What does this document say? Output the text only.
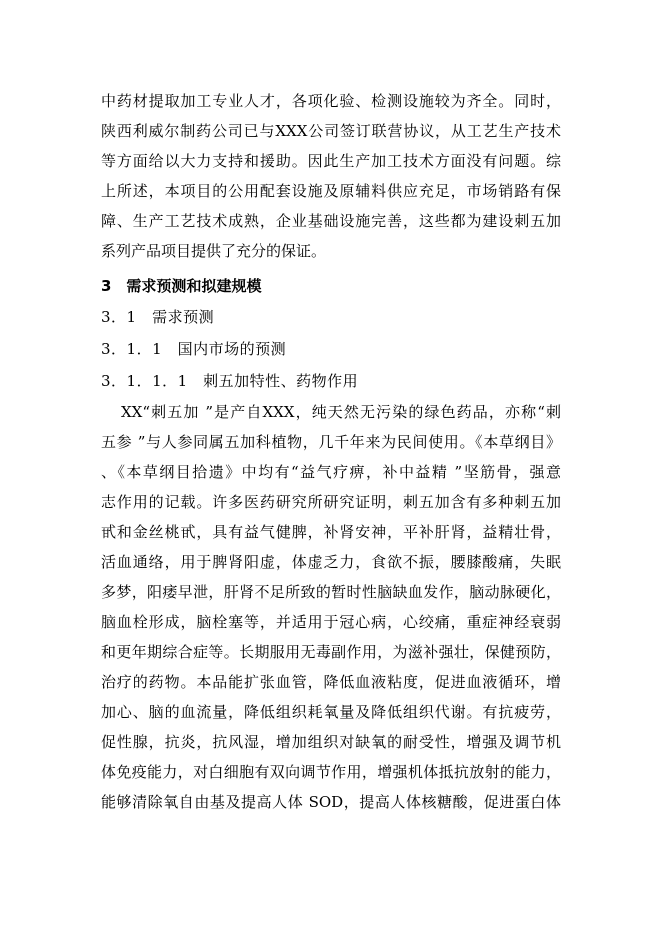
中药材提取加工专业人才，各项化验、检测设施较为齐全。同时，
陕西利威尔制药公司已与XXX公司签订联营协议，从工艺生产技术
等方面给以大力支持和援助。因此生产加工技术方面没有问题。综
上所述，本项目的公用配套设施及原辅料供应充足，市场销路有保
障、生产工艺技术成熟，企业基础设施完善，这些都为建设刺五加
系列产品项目提供了充分的保证。
3　需求预测和拟建规模
3．1　需求预测
3．1．1　国内市场的预测
3．1．1．1　刺五加特性、药物作用
XX“刺五加 ”是产自XXX，纯天然无污染的绿色药品，亦称“刺
五参 ”与人参同属五加科植物，几千年来为民间使用。《本草纲目》
、《本草纲目拾遗》中均有“益气疗痹，补中益精 ”坚筋骨，强意
志作用的记载。许多医药研究所研究证明，刺五加含有多种刺五加
甙和金丝桃甙，具有益气健脾，补肾安神，平补肝肾，益精壮骨，
活血通络，用于脾肾阳虚，体虚乏力，食欲不振，腰膝酸痛，失眠
多梦，阳痿早泄，肝肾不足所致的暂时性脑缺血发作，脑动脉硬化，
脑血栓形成，脑栓塞等，并适用于冠心病，心绞痛，重症神经衰弱
和更年期综合症等。长期服用无毒副作用，为滋补强壮，保健预防，
治疗的药物。本品能扩张血管，降低血液粘度，促进血液循环，增
加心、脑的血流量，降低组织耗氧量及降低组织代谢。有抗疲劳，
促性腺，抗炎，抗风湿，增加组织对缺氧的耐受性，增强及调节机
体免疫能力，对白细胞有双向调节作用，增强机体抵抗放射的能力，
能够清除氧自由基及提高人体 SOD，提高人体核糖酸，促进蛋白体
